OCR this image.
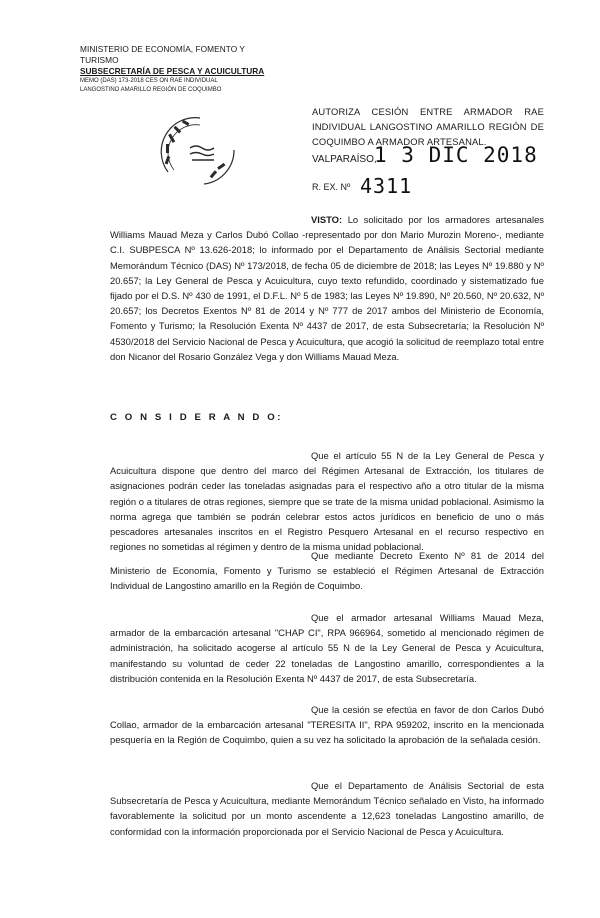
MINISTERIO DE ECONOMÍA, FOMENTO Y TURISMO
SUBSECRETARÍA DE PESCA Y ACUICULTURA
MEMO (DAS) 173-2018 CES ON RAE INDIVIDUAL
LANGOSTINO AMARILLO REGIÓN DE COQUIMBO
AUTORIZA CESIÓN ENTRE ARMADOR RAE INDIVIDUAL LANGOSTINO AMARILLO REGIÓN DE COQUIMBO A ARMADOR ARTESANAL.
VALPARAÍSO,
1 3 DIC 2018
R. EX. Nº 4311

VISTO: Lo solicitado por los armadores artesanales Williams Mauad Meza y Carlos Dubó Collao -representado por don Mario Murozin Moreno-, mediante C.I. SUBPESCA Nº 13.626-2018; lo informado por el Departamento de Análisis Sectorial mediante Memorándum Técnico (DAS) Nº 173/2018, de fecha 05 de diciembre de 2018; las Leyes Nº 19.880 y Nº 20.657; la Ley General de Pesca y Acuicultura, cuyo texto refundido, coordinado y sistematizado fue fijado por el D.S. Nº 430 de 1991, el D.F.L. Nº 5 de 1983; las Leyes Nº 19.890, Nº 20.560, Nº 20.632, Nº 20.657; los Decretos Exentos Nº 81 de 2014 y Nº 777 de 2017 ambos del Ministerio de Economía, Fomento y Turismo; la Resolución Exenta Nº 4437 de 2017, de esta Subsecretaría; la Resolución Nº 4530/2018 del Servicio Nacional de Pesca y Acuicultura, que acogió la solicitud de reemplazo total entre don Nicanor del Rosario González Vega y don Williams Mauad Meza.

C O N S I D E R A N D O:

Que el artículo 55 N de la Ley General de Pesca y Acuicultura dispone que dentro del marco del Régimen Artesanal de Extracción, los titulares de asignaciones podrán ceder las toneladas asignadas para el respectivo año a otro titular de la misma región o a titulares de otras regiones, siempre que se trate de la misma unidad poblacional. Asimismo la norma agrega que también se podrán celebrar estos actos jurídicos en beneficio de uno o más pescadores artesanales inscritos en el Registro Pesquero Artesanal en el recurso respectivo en regiones no sometidas al régimen y dentro de la misma unidad poblacional.

Que mediante Decreto Exento Nº 81 de 2014 del Ministerio de Economía, Fomento y Turismo se estableció el Régimen Artesanal de Extracción Individual de Langostino amarillo en la Región de Coquimbo.

Que el armador artesanal Williams Mauad Meza, armador de la embarcación artesanal "CHAP CI", RPA 966964, sometido al mencionado régimen de administración, ha solicitado acogerse al artículo 55 N de la Ley General de Pesca y Acuicultura, manifestando su voluntad de ceder 22 toneladas de Langostino amarillo, correspondientes a la distribución contenida en la Resolución Exenta Nº 4437 de 2017, de esta Subsecretaría.

Que la cesión se efectúa en favor de don Carlos Dubó Collao, armador de la embarcación artesanal "TERESITA II", RPA 959202, inscrito en la mencionada pesquería en la Región de Coquimbo, quien a su vez ha solicitado la aprobación de la señalada cesión.

Que el Departamento de Análisis Sectorial de esta Subsecretaría de Pesca y Acuicultura, mediante Memorándum Técnico señalado en Visto, ha informado favorablemente la solicitud por un monto ascendente a 12,623 toneladas Langostino amarillo, de conformidad con la información proporcionada por el Servicio Nacional de Pesca y Acuicultura.
